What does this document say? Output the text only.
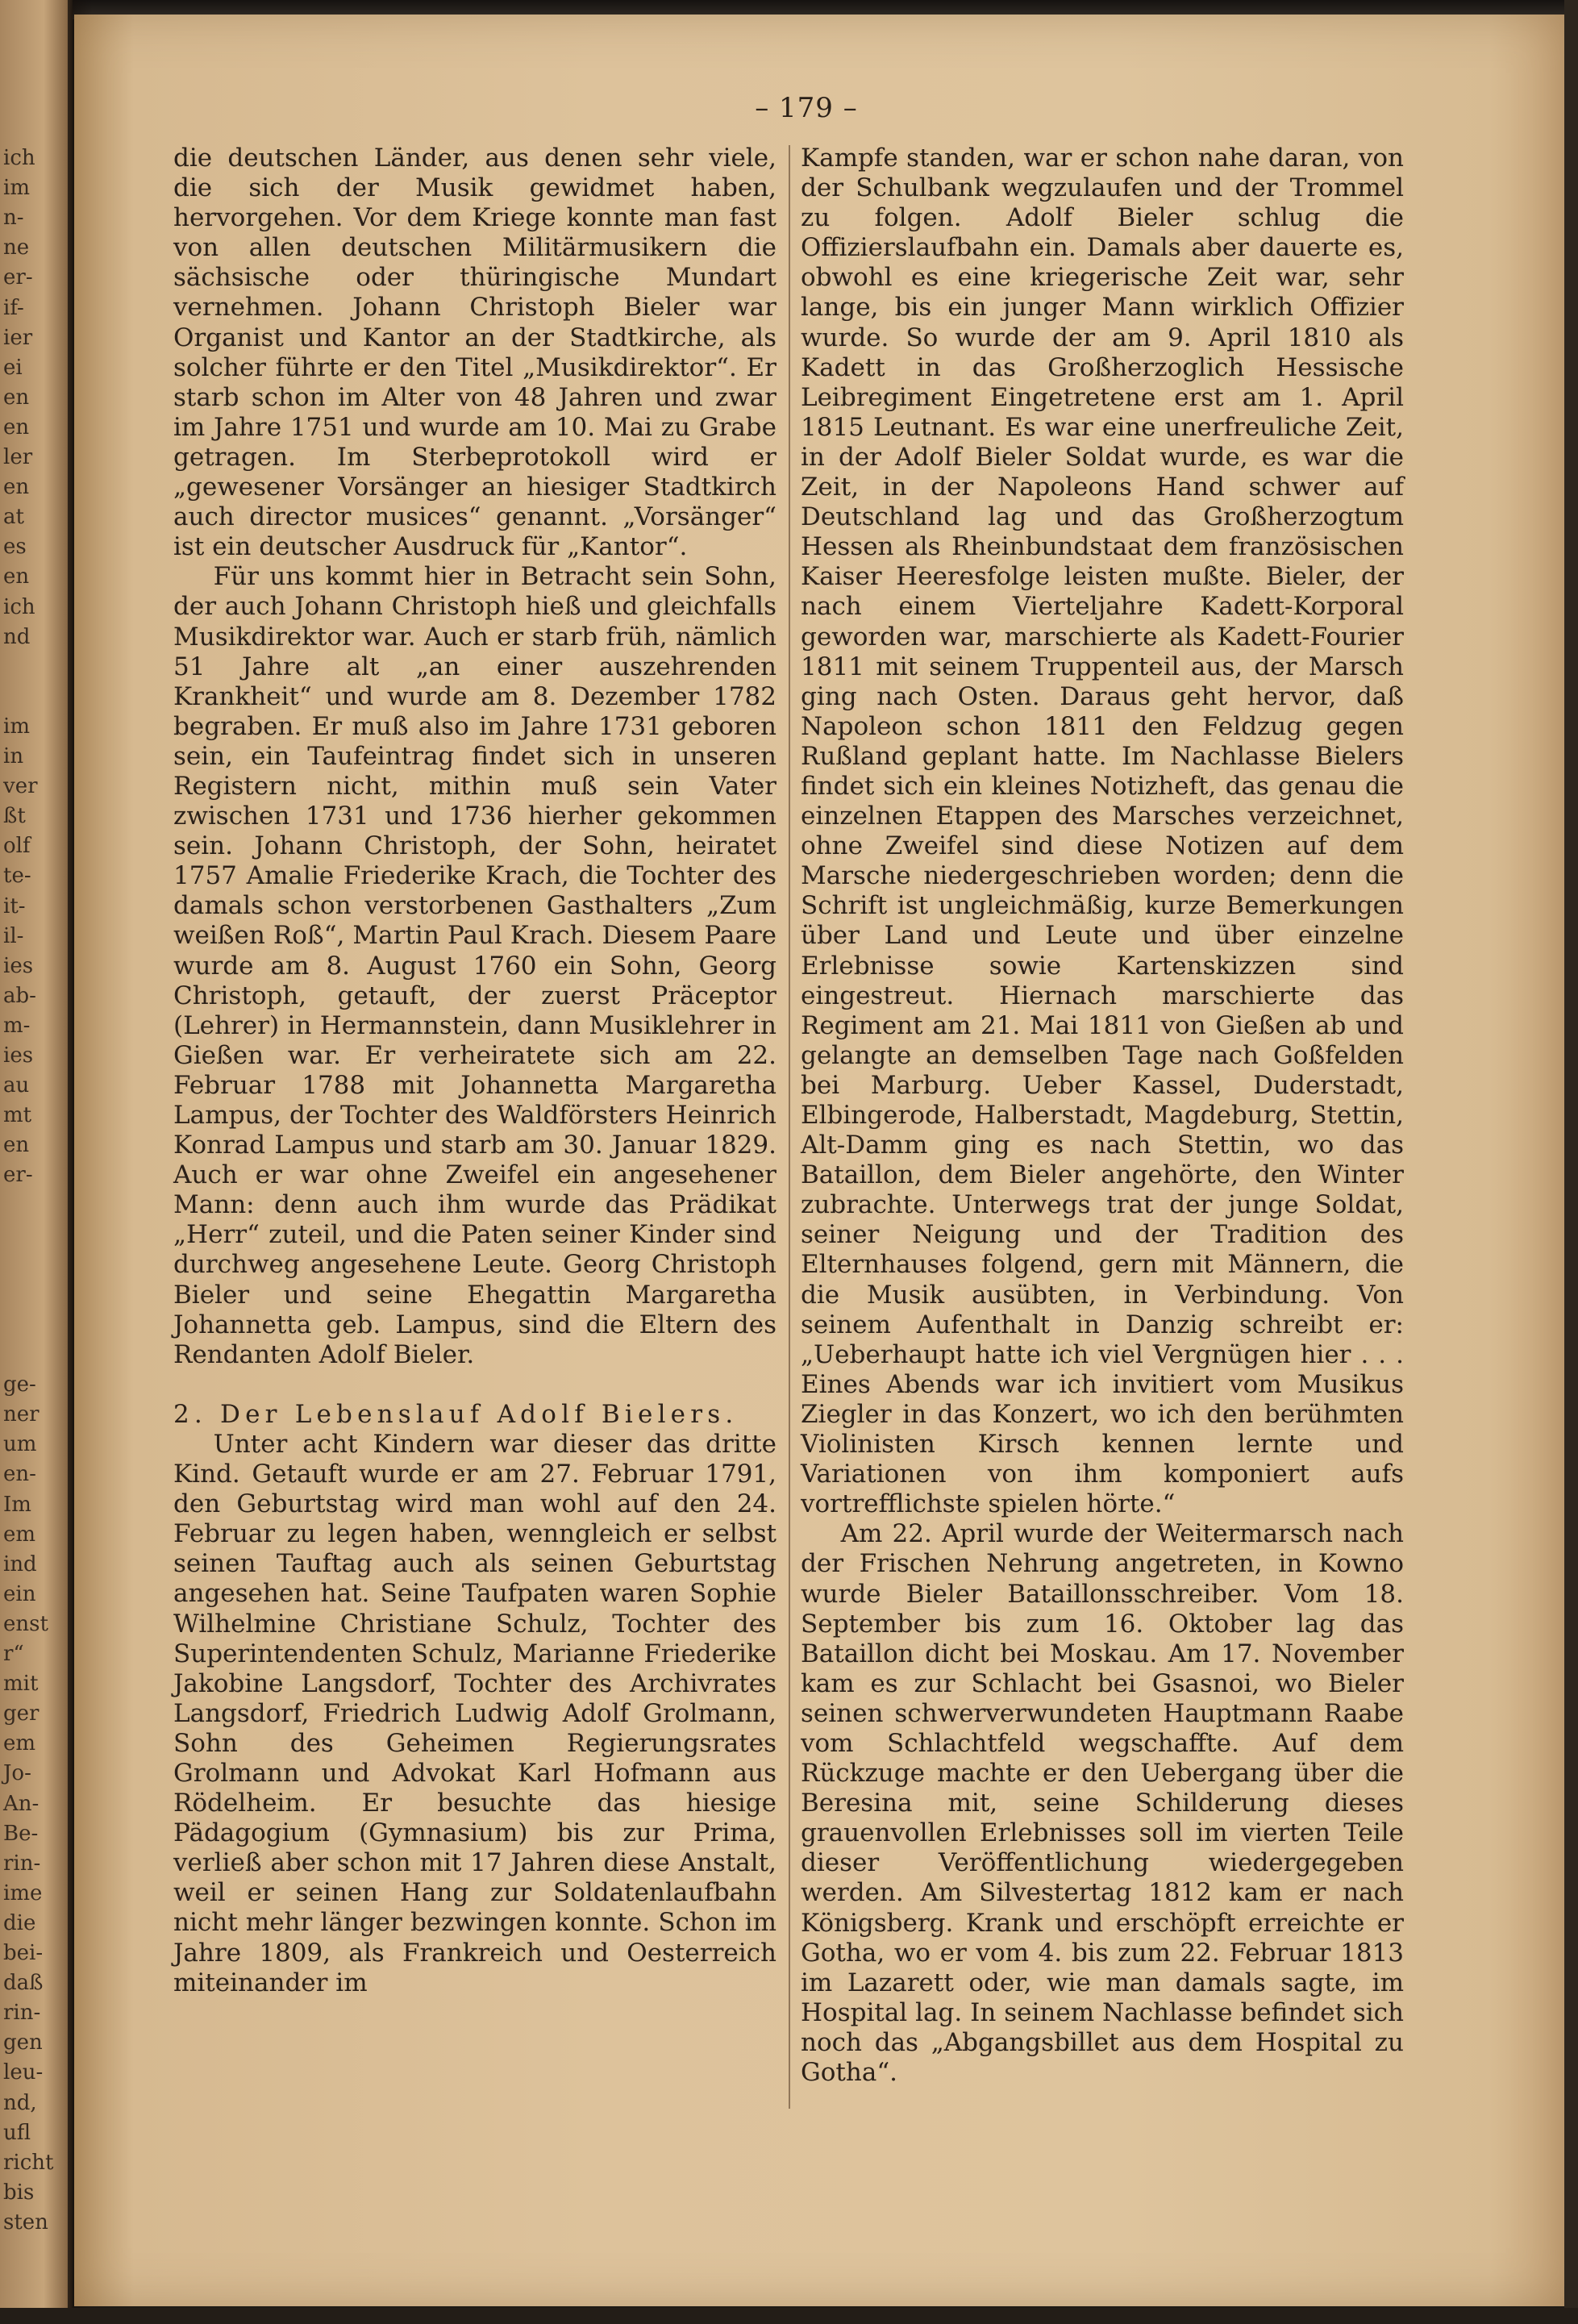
ich
im
n-
ne
er-
if-
ier
ei
en
en
ler
en
at
es
en
ich
nd
im
in
ver
ßt
olf
te-
it-
il-
ies
ab-
m-
ies
au
mt
en
er-
ge-
ner
um
en-
Im
em
ind
ein
enst
r“
mit
ger
em
Jo-
An-
Be-
rin-
ime
die
bei-
daß
rin-
gen
leu-
nd,
ufl
richt
bis
sten
– 179 –

die deutschen Länder, aus denen sehr viele, die sich der Musik gewidmet haben, hervorgehen. Vor dem Kriege konnte man fast von allen deutschen Militärmusikern die sächsische oder thüringische Mundart vernehmen. Johann Christoph Bieler war Organist und Kantor an der Stadtkirche, als solcher führte er den Titel „Musikdirektor“. Er starb schon im Alter von 48 Jahren und zwar im Jahre 1751 und wurde am 10. Mai zu Grabe getragen. Im Sterbeprotokoll wird er „gewesener Vorsänger an hiesiger Stadtkirch auch director musices“ genannt. „Vorsänger“ ist ein deutscher Ausdruck für „Kantor“.

Für uns kommt hier in Betracht sein Sohn, der auch Johann Christoph hieß und gleichfalls Musikdirektor war. Auch er starb früh, nämlich 51 Jahre alt „an einer auszehrenden Krankheit“ und wurde am 8. Dezember 1782 begraben. Er muß also im Jahre 1731 geboren sein, ein Taufeintrag findet sich in unseren Registern nicht, mithin muß sein Vater zwischen 1731 und 1736 hierher gekommen sein. Johann Christoph, der Sohn, heiratet 1757 Amalie Friederike Krach, die Tochter des damals schon verstorbenen Gasthalters „Zum weißen Roß“, Martin Paul Krach. Diesem Paare wurde am 8. August 1760 ein Sohn, Georg Christoph, getauft, der zuerst Präceptor (Lehrer) in Hermannstein, dann Musiklehrer in Gießen war. Er verheiratete sich am 22. Februar 1788 mit Johannetta Margaretha Lampus, der Tochter des Waldförsters Heinrich Konrad Lampus und starb am 30. Januar 1829. Auch er war ohne Zweifel ein angesehener Mann: denn auch ihm wurde das Prädikat „Herr“ zuteil, und die Paten seiner Kinder sind durchweg angesehene Leute. Georg Christoph Bieler und seine Ehegattin Margaretha Johannetta geb. Lampus, sind die Eltern des Rendanten Adolf Bieler.

2. Der Lebenslauf Adolf Bielers.

Unter acht Kindern war dieser das dritte Kind. Getauft wurde er am 27. Februar 1791, den Geburtstag wird man wohl auf den 24. Februar zu legen haben, wenngleich er selbst seinen Tauftag auch als seinen Geburtstag angesehen hat. Seine Taufpaten waren Sophie Wilhelmine Christiane Schulz, Tochter des Superintendenten Schulz, Marianne Friederike Jakobine Langsdorf, Tochter des Archivrates Langsdorf, Friedrich Ludwig Adolf Grolmann, Sohn des Geheimen Regierungsrates Grolmann und Advokat Karl Hofmann aus Rödelheim. Er besuchte das hiesige Pädagogium (Gymnasium) bis zur Prima, verließ aber schon mit 17 Jahren diese Anstalt, weil er seinen Hang zur Soldatenlaufbahn nicht mehr länger bezwingen konnte. Schon im Jahre 1809, als Frankreich und Oesterreich miteinander im

Kampfe standen, war er schon nahe daran, von der Schulbank wegzulaufen und der Trommel zu folgen. Adolf Bieler schlug die Offizierslaufbahn ein. Damals aber dauerte es, obwohl es eine kriegerische Zeit war, sehr lange, bis ein junger Mann wirklich Offizier wurde. So wurde der am 9. April 1810 als Kadett in das Großherzoglich Hessische Leibregiment Eingetretene erst am 1. April 1815 Leutnant. Es war eine unerfreuliche Zeit, in der Adolf Bieler Soldat wurde, es war die Zeit, in der Napoleons Hand schwer auf Deutschland lag und das Großherzogtum Hessen als Rheinbundstaat dem französischen Kaiser Heeresfolge leisten mußte. Bieler, der nach einem Vierteljahre Kadett-Korporal geworden war, marschierte als Kadett-Fourier 1811 mit seinem Truppenteil aus, der Marsch ging nach Osten. Daraus geht hervor, daß Napoleon schon 1811 den Feldzug gegen Rußland geplant hatte. Im Nachlasse Bielers findet sich ein kleines Notizheft, das genau die einzelnen Etappen des Marsches verzeichnet, ohne Zweifel sind diese Notizen auf dem Marsche niedergeschrieben worden; denn die Schrift ist ungleichmäßig, kurze Bemerkungen über Land und Leute und über einzelne Erlebnisse sowie Kartenskizzen sind eingestreut. Hiernach marschierte das Regiment am 21. Mai 1811 von Gießen ab und gelangte an demselben Tage nach Goßfelden bei Marburg. Ueber Kassel, Duderstadt, Elbingerode, Halberstadt, Magdeburg, Stettin, Alt-Damm ging es nach Stettin, wo das Bataillon, dem Bieler angehörte, den Winter zubrachte. Unterwegs trat der junge Soldat, seiner Neigung und der Tradition des Elternhauses folgend, gern mit Männern, die die Musik ausübten, in Verbindung. Von seinem Aufenthalt in Danzig schreibt er: „Ueberhaupt hatte ich viel Vergnügen hier . . . Eines Abends war ich invitiert vom Musikus Ziegler in das Konzert, wo ich den berühmten Violinisten Kirsch kennen lernte und Variationen von ihm komponiert aufs vortrefflichste spielen hörte.“

Am 22. April wurde der Weitermarsch nach der Frischen Nehrung angetreten, in Kowno wurde Bieler Bataillonsschreiber. Vom 18. September bis zum 16. Oktober lag das Bataillon dicht bei Moskau. Am 17. November kam es zur Schlacht bei Gsasnoi, wo Bieler seinen schwerverwundeten Hauptmann Raabe vom Schlachtfeld wegschaffte. Auf dem Rückzuge machte er den Uebergang über die Beresina mit, seine Schilderung dieses grauenvollen Erlebnisses soll im vierten Teile dieser Veröffentlichung wiedergegeben werden. Am Silvestertag 1812 kam er nach Königsberg. Krank und erschöpft erreichte er Gotha, wo er vom 4. bis zum 22. Februar 1813 im Lazarett oder, wie man damals sagte, im Hospital lag. In seinem Nachlasse befindet sich noch das „Abgangsbillet aus dem Hospital zu Gotha“.
